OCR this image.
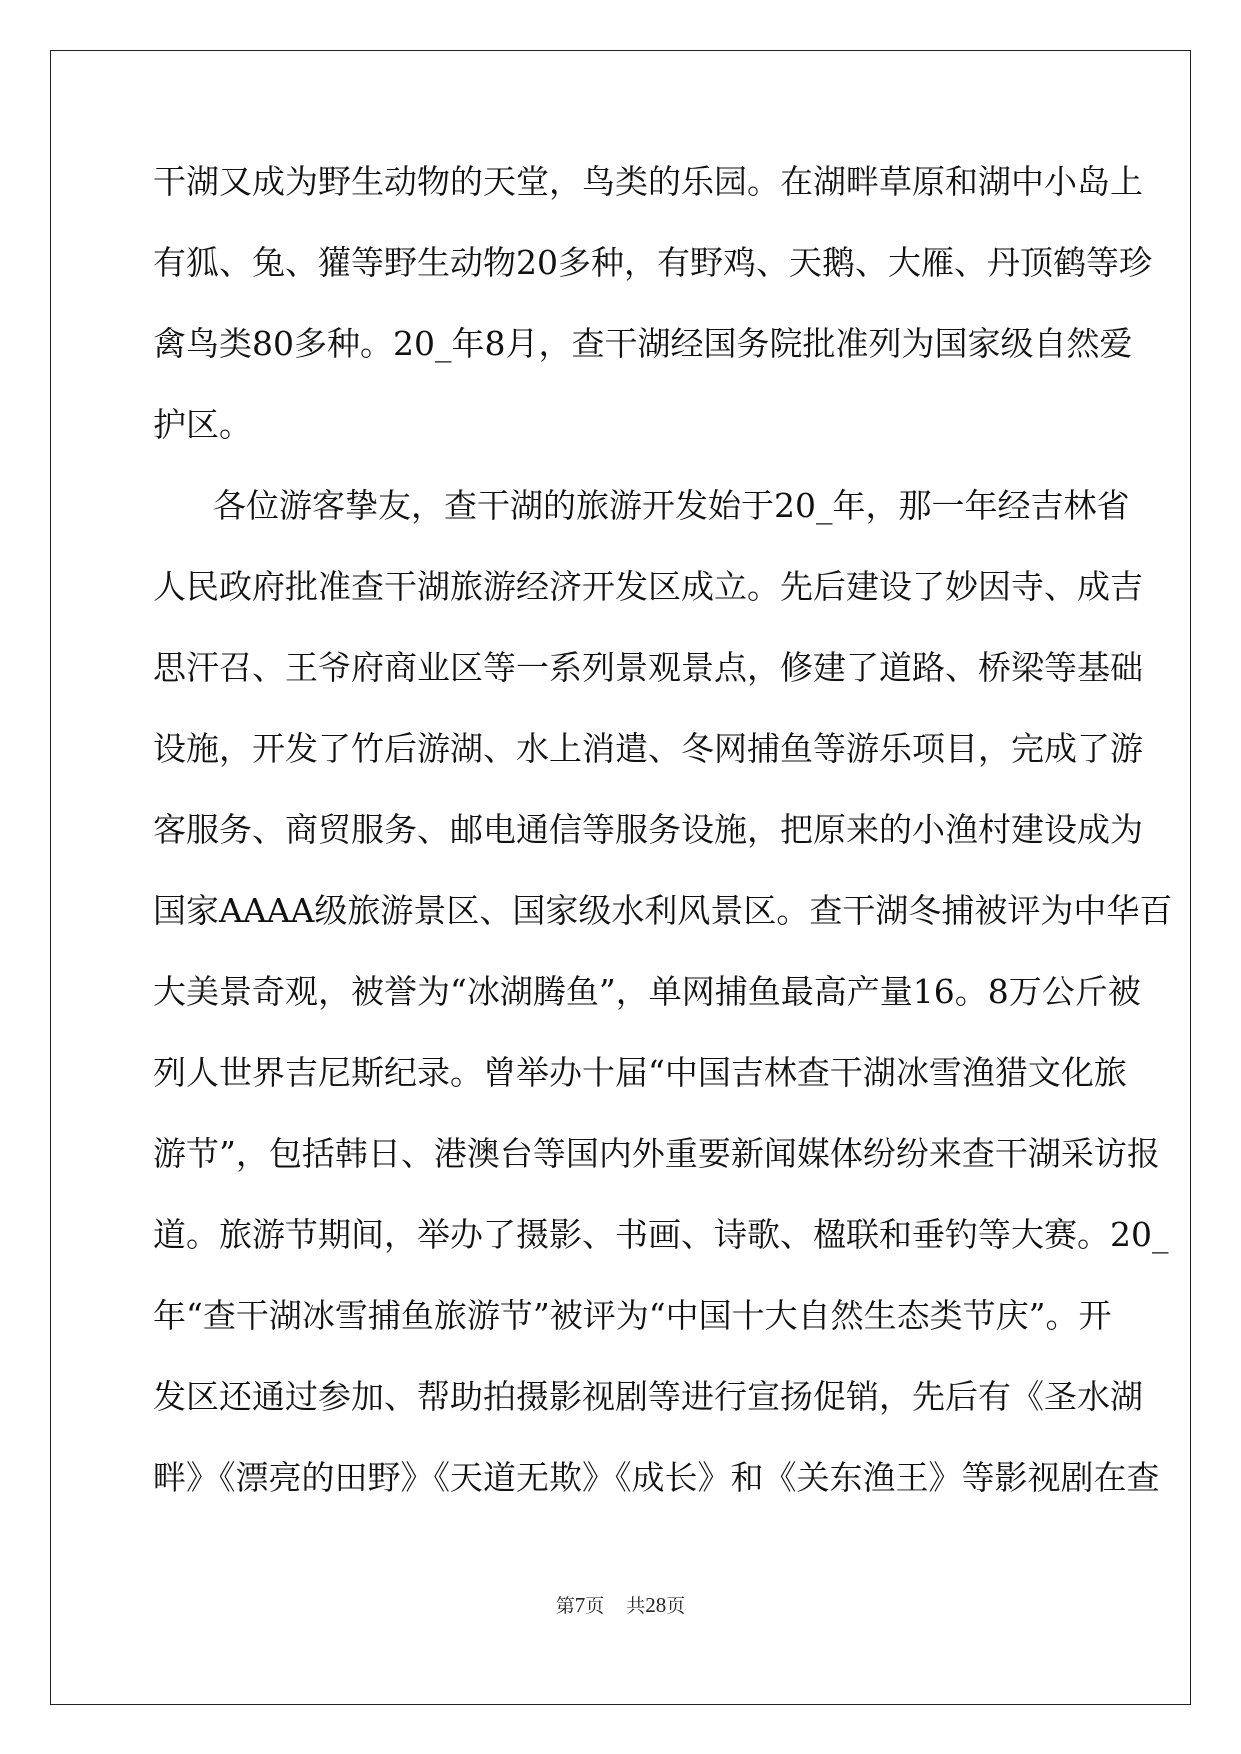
干湖又成为野生动物的天堂，鸟类的乐园。在湖畔草原和湖中小岛上
有狐、兔、獾等野生动物20多种，有野鸡、天鹅、大雁、丹顶鹤等珍
禽鸟类80多种。20_年8月，查干湖经国务院批准列为国家级自然爱
护区。
各位游客挚友，查干湖的旅游开发始于20_年，那一年经吉林省
人民政府批准查干湖旅游经济开发区成立。先后建设了妙因寺、成吉
思汗召、王爷府商业区等一系列景观景点，修建了道路、桥梁等基础
设施，开发了竹后游湖、水上消遣、冬网捕鱼等游乐项目，完成了游
客服务、商贸服务、邮电通信等服务设施，把原来的小渔村建设成为
国家AAAA级旅游景区、国家级水利风景区。查干湖冬捕被评为中华百
大美景奇观，被誉为“冰湖腾鱼”，单网捕鱼最高产量16。8万公斤被
列人世界吉尼斯纪录。曾举办十届“中国吉林查干湖冰雪渔猎文化旅
游节”，包括韩日、港澳台等国内外重要新闻媒体纷纷来查干湖采访报
道。旅游节期间，举办了摄影、书画、诗歌、楹联和垂钓等大赛。20_
年“查干湖冰雪捕鱼旅游节”被评为“中国十大自然生态类节庆”。开
发区还通过参加、帮助拍摄影视剧等进行宣扬促销，先后有《圣水湖
畔》《漂亮的田野》《天道无欺》《成长》和《关东渔王》等影视剧在查
第7页 共28页
